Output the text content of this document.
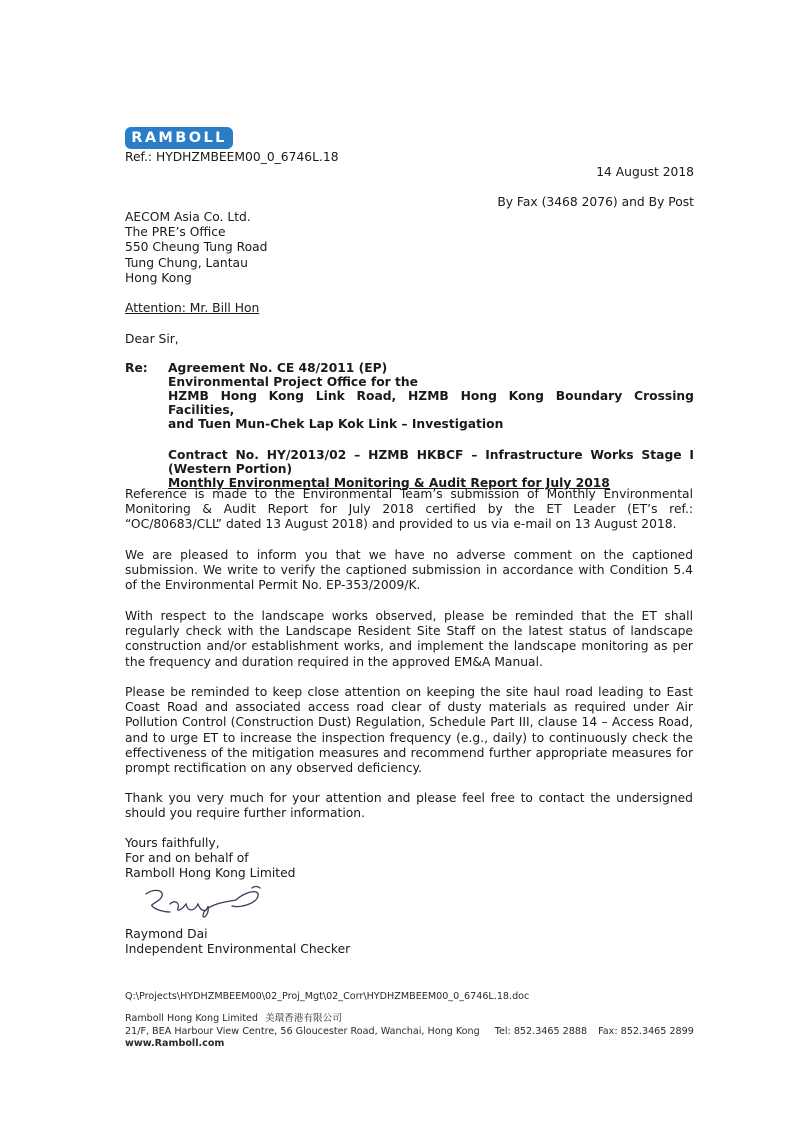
RAMBOLL
Ref.: HYDHZMBEEM00_0_6746L.18
14 August 2018
By Fax (3468 2076) and By Post
AECOM Asia Co. Ltd.
The PRE’s Office
550 Cheung Tung Road
Tung Chung, Lantau
Hong Kong
Attention: Mr. Bill Hon
Dear Sir,
Re: Agreement No. CE 48/2011 (EP)
Environmental Project Office for the
HZMB Hong Kong Link Road, HZMB Hong Kong Boundary Crossing Facilities,
and Tuen Mun-Chek Lap Kok Link – Investigation
Contract No. HY/2013/02 – HZMB HKBCF – Infrastructure Works Stage I
(Western Portion)
Monthly Environmental Monitoring & Audit Report for July 2018
Reference is made to the Environmental Team’s submission of Monthly Environmental Monitoring & Audit Report for July 2018 certified by the ET Leader (ET’s ref.: “OC/80683/CLL” dated 13 August 2018) and provided to us via e-mail on 13 August 2018.
We are pleased to inform you that we have no adverse comment on the captioned submission. We write to verify the captioned submission in accordance with Condition 5.4 of the Environmental Permit No. EP-353/2009/K.
With respect to the landscape works observed, please be reminded that the ET shall regularly check with the Landscape Resident Site Staff on the latest status of landscape construction and/or establishment works, and implement the landscape monitoring as per the frequency and duration required in the approved EM&A Manual.
Please be reminded to keep close attention on keeping the site haul road leading to East Coast Road and associated access road clear of dusty materials as required under Air Pollution Control (Construction Dust) Regulation, Schedule Part III, clause 14 – Access Road, and to urge ET to increase the inspection frequency (e.g., daily) to continuously check the effectiveness of the mitigation measures and recommend further appropriate measures for prompt rectification on any observed deficiency.
Thank you very much for your attention and please feel free to contact the undersigned should you require further information.
Yours faithfully,
For and on behalf of
Ramboll Hong Kong Limited
Raymond Dai
Independent Environmental Checker
Q:\Projects\HYDHZMBEEM00\02_Proj_Mgt\02_Corr\HYDHZMBEEM00_0_6746L.18.doc
Ramboll Hong Kong Limited 美環香港有限公司
21/F, BEA Harbour View Centre, 56 Gloucester Road, Wanchai, Hong Kong Tel: 852.3465 2888 Fax: 852.3465 2899
www.Ramboll.com
